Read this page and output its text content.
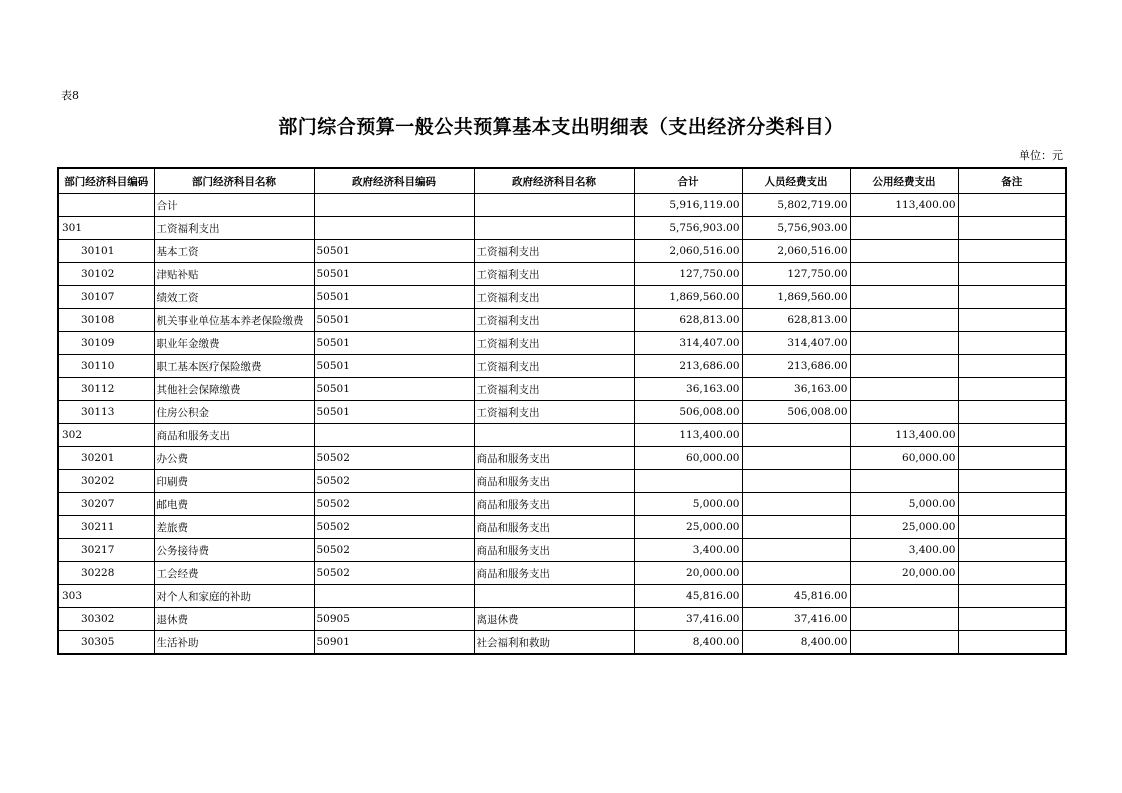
表8
部门综合预算一般公共预算基本支出明细表（支出经济分类科目）
单位：元
部门经济科目编码	部门经济科目名称	政府经济科目编码	政府经济科目名称	合计	人员经费支出	公用经费支出	备注
	合计			5,916,119.00	5,802,719.00	113,400.00	
301	工资福利支出			5,756,903.00	5,756,903.00		
30101	基本工资	50501	工资福利支出	2,060,516.00	2,060,516.00		
30102	津贴补贴	50501	工资福利支出	127,750.00	127,750.00		
30107	绩效工资	50501	工资福利支出	1,869,560.00	1,869,560.00		
30108	机关事业单位基本养老保险缴费	50501	工资福利支出	628,813.00	628,813.00		
30109	职业年金缴费	50501	工资福利支出	314,407.00	314,407.00		
30110	职工基本医疗保险缴费	50501	工资福利支出	213,686.00	213,686.00		
30112	其他社会保障缴费	50501	工资福利支出	36,163.00	36,163.00		
30113	住房公积金	50501	工资福利支出	506,008.00	506,008.00		
302	商品和服务支出			113,400.00		113,400.00	
30201	办公费	50502	商品和服务支出	60,000.00		60,000.00	
30202	印刷费	50502	商品和服务支出				
30207	邮电费	50502	商品和服务支出	5,000.00		5,000.00	
30211	差旅费	50502	商品和服务支出	25,000.00		25,000.00	
30217	公务接待费	50502	商品和服务支出	3,400.00		3,400.00	
30228	工会经费	50502	商品和服务支出	20,000.00		20,000.00	
303	对个人和家庭的补助			45,816.00	45,816.00		
30302	退休费	50905	离退休费	37,416.00	37,416.00		
30305	生活补助	50901	社会福利和救助	8,400.00	8,400.00		
